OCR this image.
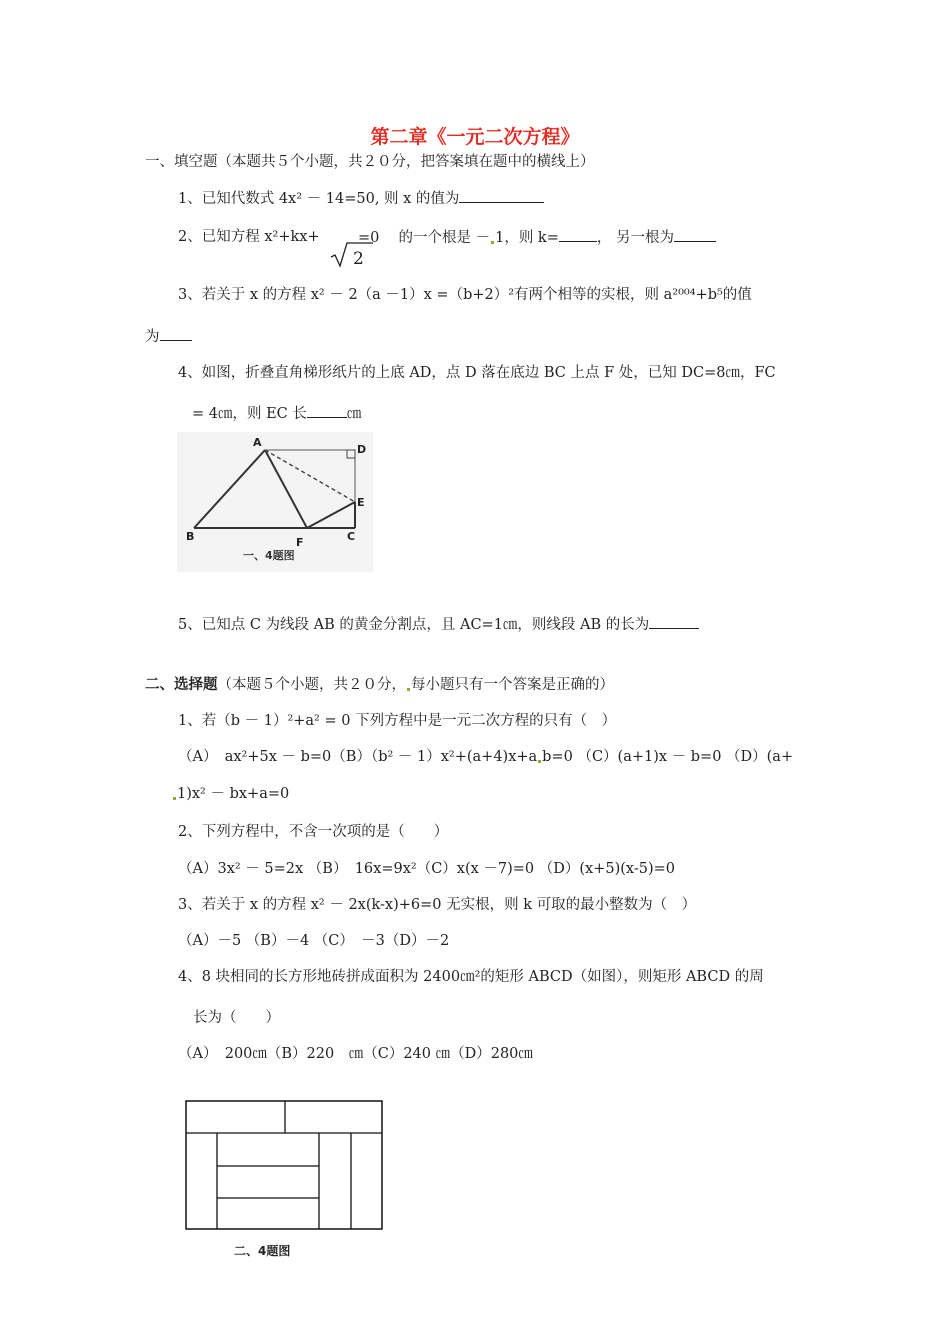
第二章《一元二次方程》
一、填空题（本题共５个小题，共２０分，把答案填在题中的横线上）
1、已知代数式 4x² － 14=50, 则 x 的值为
2、已知方程 x²+kx+
2
=0　 的一个根是 － 1，则 k=	， 另一根为
3、若关于 x 的方程 x² － 2（a －1）x =（b+2）²有两个相等的实根，则 a²⁰⁰⁴+b⁵的值
为
4、如图，折叠直角梯形纸片的上底 AD，点 D 落在底边 BC 上点 F 处，已知 DC=8㎝，FC
= 4㎝，则 EC 长	㎝
A
D
E
B	F	C
一、4题图
5、已知点 C 为线段 AB 的黄金分割点，且 AC=1㎝，则线段 AB 的长为
二、选择题（本题５个小题，共２０分， 每小题只有一个答案是正确的）
1、若（b － 1）²+a² = 0 下列方程中是一元二次方程的只有（　）
（A）　ax²+5x － b=0（B）（b² － 1）x²+(a+4)x+a b=0 （C）(a+1)x － b=0 （D）(a+
1)x² － bx+a=0
2、下列方程中，不含一次项的是（　　）
（A）3x² － 5=2x （B）　16x=9x²（C）x(x －7)=0 （D）(x+5)(x-5)=0
3、若关于 x 的方程 x² － 2x(k-x)+6=0 无实根，则 k 可取的最小整数为（　）
（A）－5 （B）－4 （C）　－3（D）－2
4、8 块相同的长方形地砖拼成面积为 2400㎝²的矩形 ABCD（如图），则矩形 ABCD 的周
长为（　　）
（A）　200㎝（B）220　㎝（C）240 ㎝（D）280㎝
二、4题图
